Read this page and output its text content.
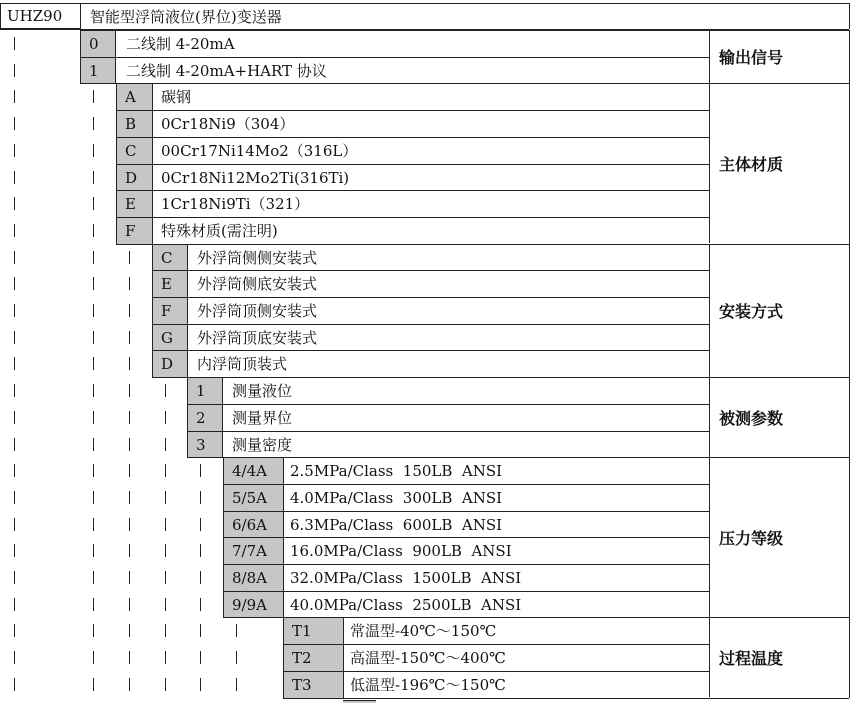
UHZ90	智能型浮筒液位(界位)变送器
0	二线制 4-20mA
1	二线制 4-20mA+HART 协议
输出信号
A	碳钢
B	0Cr18Ni9（304）
C	00Cr17Ni14Mo2（316L）
D	0Cr18Ni12Mo2Ti(316Ti)
E	1Cr18Ni9Ti（321）
F	特殊材质(需注明)
主体材质
C	外浮筒侧侧安装式
E	外浮筒侧底安装式
F	外浮筒顶侧安装式
G	外浮筒顶底安装式
D	内浮筒顶装式
安装方式
1	测量液位
2	测量界位
3	测量密度
被测参数
4/4A	2.5MPa/Class  150LB  ANSI
5/5A	4.0MPa/Class  300LB  ANSI
6/6A	6.3MPa/Class  600LB  ANSI
7/7A	16.0MPa/Class  900LB  ANSI
8/8A	32.0MPa/Class  1500LB  ANSI
9/9A	40.0MPa/Class  2500LB  ANSI
压力等级
T1	常温型-40℃～150℃
T2	高温型-150℃～400℃
T3	低温型-196℃～150℃
过程温度
